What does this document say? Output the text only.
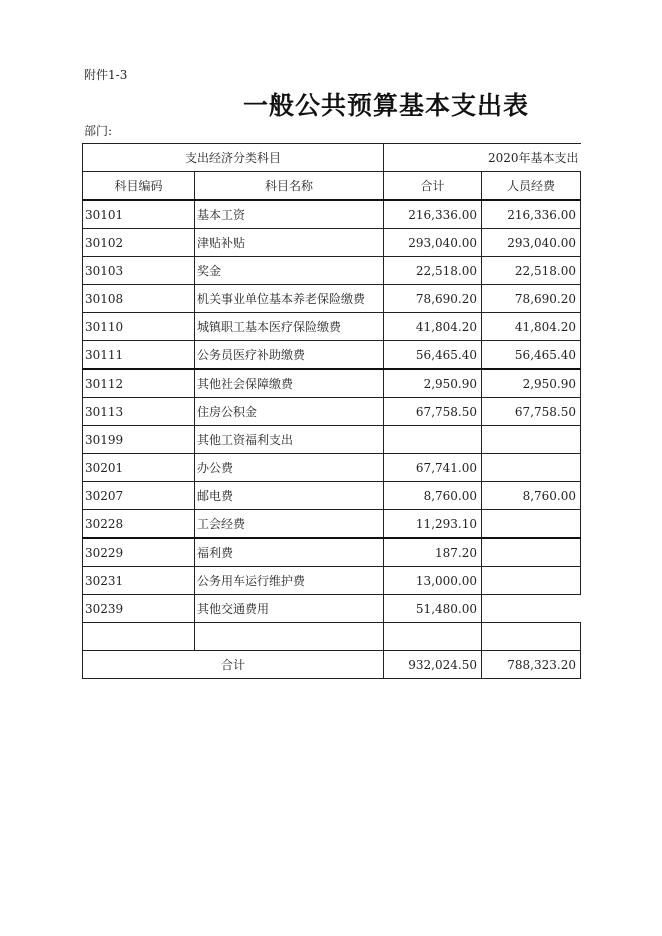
附件1-3
一般公共预算基本支出表
部门:
支出经济分类科目		2020年基本支出	
科目编码	科目名称	合计	人员经费
30101	基本工资	216,336.00	216,336.00
30102	津贴补贴	293,040.00	293,040.00
30103	奖金	22,518.00	22,518.00
30108	机关事业单位基本养老保险缴费	78,690.20	78,690.20
30110	城镇职工基本医疗保险缴费	41,804.20	41,804.20
30111	公务员医疗补助缴费	56,465.40	56,465.40
30112	其他社会保障缴费	2,950.90	2,950.90
30113	住房公积金	67,758.50	67,758.50
30199	其他工资福利支出		
30201	办公费	67,741.00	
30207	邮电费	8,760.00	8,760.00
30228	工会经费	11,293.10	
30229	福利费	187.20	
30231	公务用车运行维护费	13,000.00	
30239	其他交通费用	51,480.00	

合计		932,024.50	788,323.20
